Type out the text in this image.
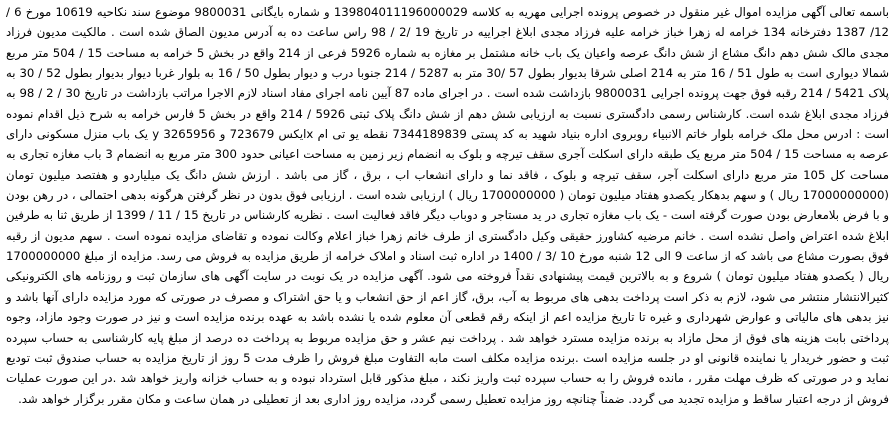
باسمه تعالی آگهی مزایده اموال غیر منقول در خصوص پرونده اجرایی مهریه به کلاسه 139804011196000029 و شماره بایگانی 9800031 موضوع سند نکاحیه 10619 مورخ 6 / 12/ 1387 دفترخانه 134 خرامه له زهرا خباز خرامه علیه فرزاد مجدی ابلاغ اجراییه در تاریخ 19 /2 / 98 راس ساعت ده به آدرس مدیون الصاق شده است . مالکیت مدیون فرزاد مجدی مالک شش دهم دانگ مشاع از شش دانگ عرصه واعیان یک باب خانه مشتمل بر مغازه به شماره 5926 فرعی از 214 واقع در بخش 5 خرامه به مساحت 15 / 504 متر مربع شمالا دیواری است به طول 51 / 16 متر به 214 اصلی شرقا بدیوار بطول 57 /30 متر به 5287 / 214 جنوبا درب و دیوار بطول 50 / 16 به بلوار غربا دیوار بدیوار بطول 52 / 30 به پلاک 5421 / 214 رقبه فوق جهت پرونده اجرایی 9800031 بازداشت شده است . در اجرای ماده 87 آیین نامه اجرای مفاد اسناد لازم الاجرا مراتب بازداشت در تاریخ 30 / 2 / 98 به فرزاد مجدی ابلاغ شده است. کارشناس رسمی دادگستری نسبت به ارزیابی شش دهم از شش دانگ پلاک ثبتی 5926 / 214 واقع در بخش 5 فارس خرامه به شرح ذیل اقدام نموده است : ادرس محل ملک خرامه بلوار خاتم الانبیاء روبروی اداره بنیاد شهید به کد پستی 7344189839 نقطه یو تی ام xایکس 723679 و y 3265956 یک باب منزل مسکونی دارای عرصه به مساحت 15 / 504 متر مربع یک طبقه دارای اسکلت آجری سقف تیرچه و بلوک به انضمام زیر زمین به مساحت اعیانی حدود 300 متر مربع به انضمام 3 باب مغازه تجاری به مساحت کل 105 متر مربع دارای اسکلت آجر، سقف تیرچه و بلوک ، فاقد نما و دارای انشعاب اب ، برق ، گاز می باشد . ارزش شش دانگ یک میلیاردو و هفتصد میلیون تومان (17000000000 ریال ) و سهم بدهکار یکصدو هفتاد میلیون تومان ( 1700000000 ریال ) ارزیابی شده است . ارزیابی فوق بدون در نظر گرفتن هرگونه بدهی احتمالی ، در رهن بودن و با فرض بلامعارض بودن صورت گرفته است - یک باب مغازه تجاری در ید مستاجر و دوباب دیگر فاقد فعالیت است . نظریه کارشناس در تاریخ 15 / 11 / 1399 از طریق ثنا به طرفین ابلاغ شده اعتراض واصل نشده است . خانم مرضیه کشاورز حقیقی وکیل دادگستری از طرف خانم زهرا خباز اعلام وکالت نموده و تقاضای مزایده نموده است . سهم مدیون از رقبه فوق بصورت مشاع می باشد که از ساعت 9 الی 12 شنبه مورخ 10 /3 / 1400 در اداره ثبت اسناد و املاک خرامه از طریق مزایده به فروش می رسد. مزایده از مبلغ 1700000000 ریال ( یکصدو هفتاد میلیون تومان ) شروع و به بالاترین قیمت پیشنهادی نقداً فروخته می شود. آگهی مزایده در یک نوبت در سایت آگهی های سازمان ثبت و روزنامه های الکترونیکی کثیرالانتشار منتشر می شود، لازم به ذکر است پرداخت بدهی های مربوط به آب، برق، گاز اعم از حق انشعاب و یا حق اشتراک و مصرف در صورتی که مورد مزایده دارای آنها باشد و نیز بدهی های مالیاتی و عوارض شهرداری و غیره تا تاریخ مزایده اعم از اینکه رقم قطعی آن معلوم شده یا نشده باشد به عهده برنده مزایده است و نیز در صورت وجود مازاد، وجوه پرداختی بابت هزینه های فوق از محل مازاد به برنده مزایده مسترد خواهد شد . پرداخت نیم عشر و حق مزایده مربوط به پرداخت ده درصد از مبلغ پایه کارشناسی به حساب سپرده ثبت و حضور خریدار یا نماینده قانونی او در جلسه مزایده است .برنده مزایده مکلف است مابه التفاوت مبلغ فروش را ظرف مدت 5 روز از تاریخ مزایده به حساب صندوق ثبت تودیع نماید و در صورتی که ظرف مهلت مقرر ، مانده فروش را به حساب سپرده ثبت واریز نکند ، مبلغ مذکور قابل استرداد نبوده و به حساب خزانه واریز خواهد شد .در این صورت عملیات فروش از درجه اعتبار ساقط و مزایده تجدید می گردد. ضمناً چنانچه روز مزایده تعطیل رسمی گردد، مزایده روز اداری بعد از تعطیلی در همان ساعت و مکان مقرر برگزار خواهد شد.
